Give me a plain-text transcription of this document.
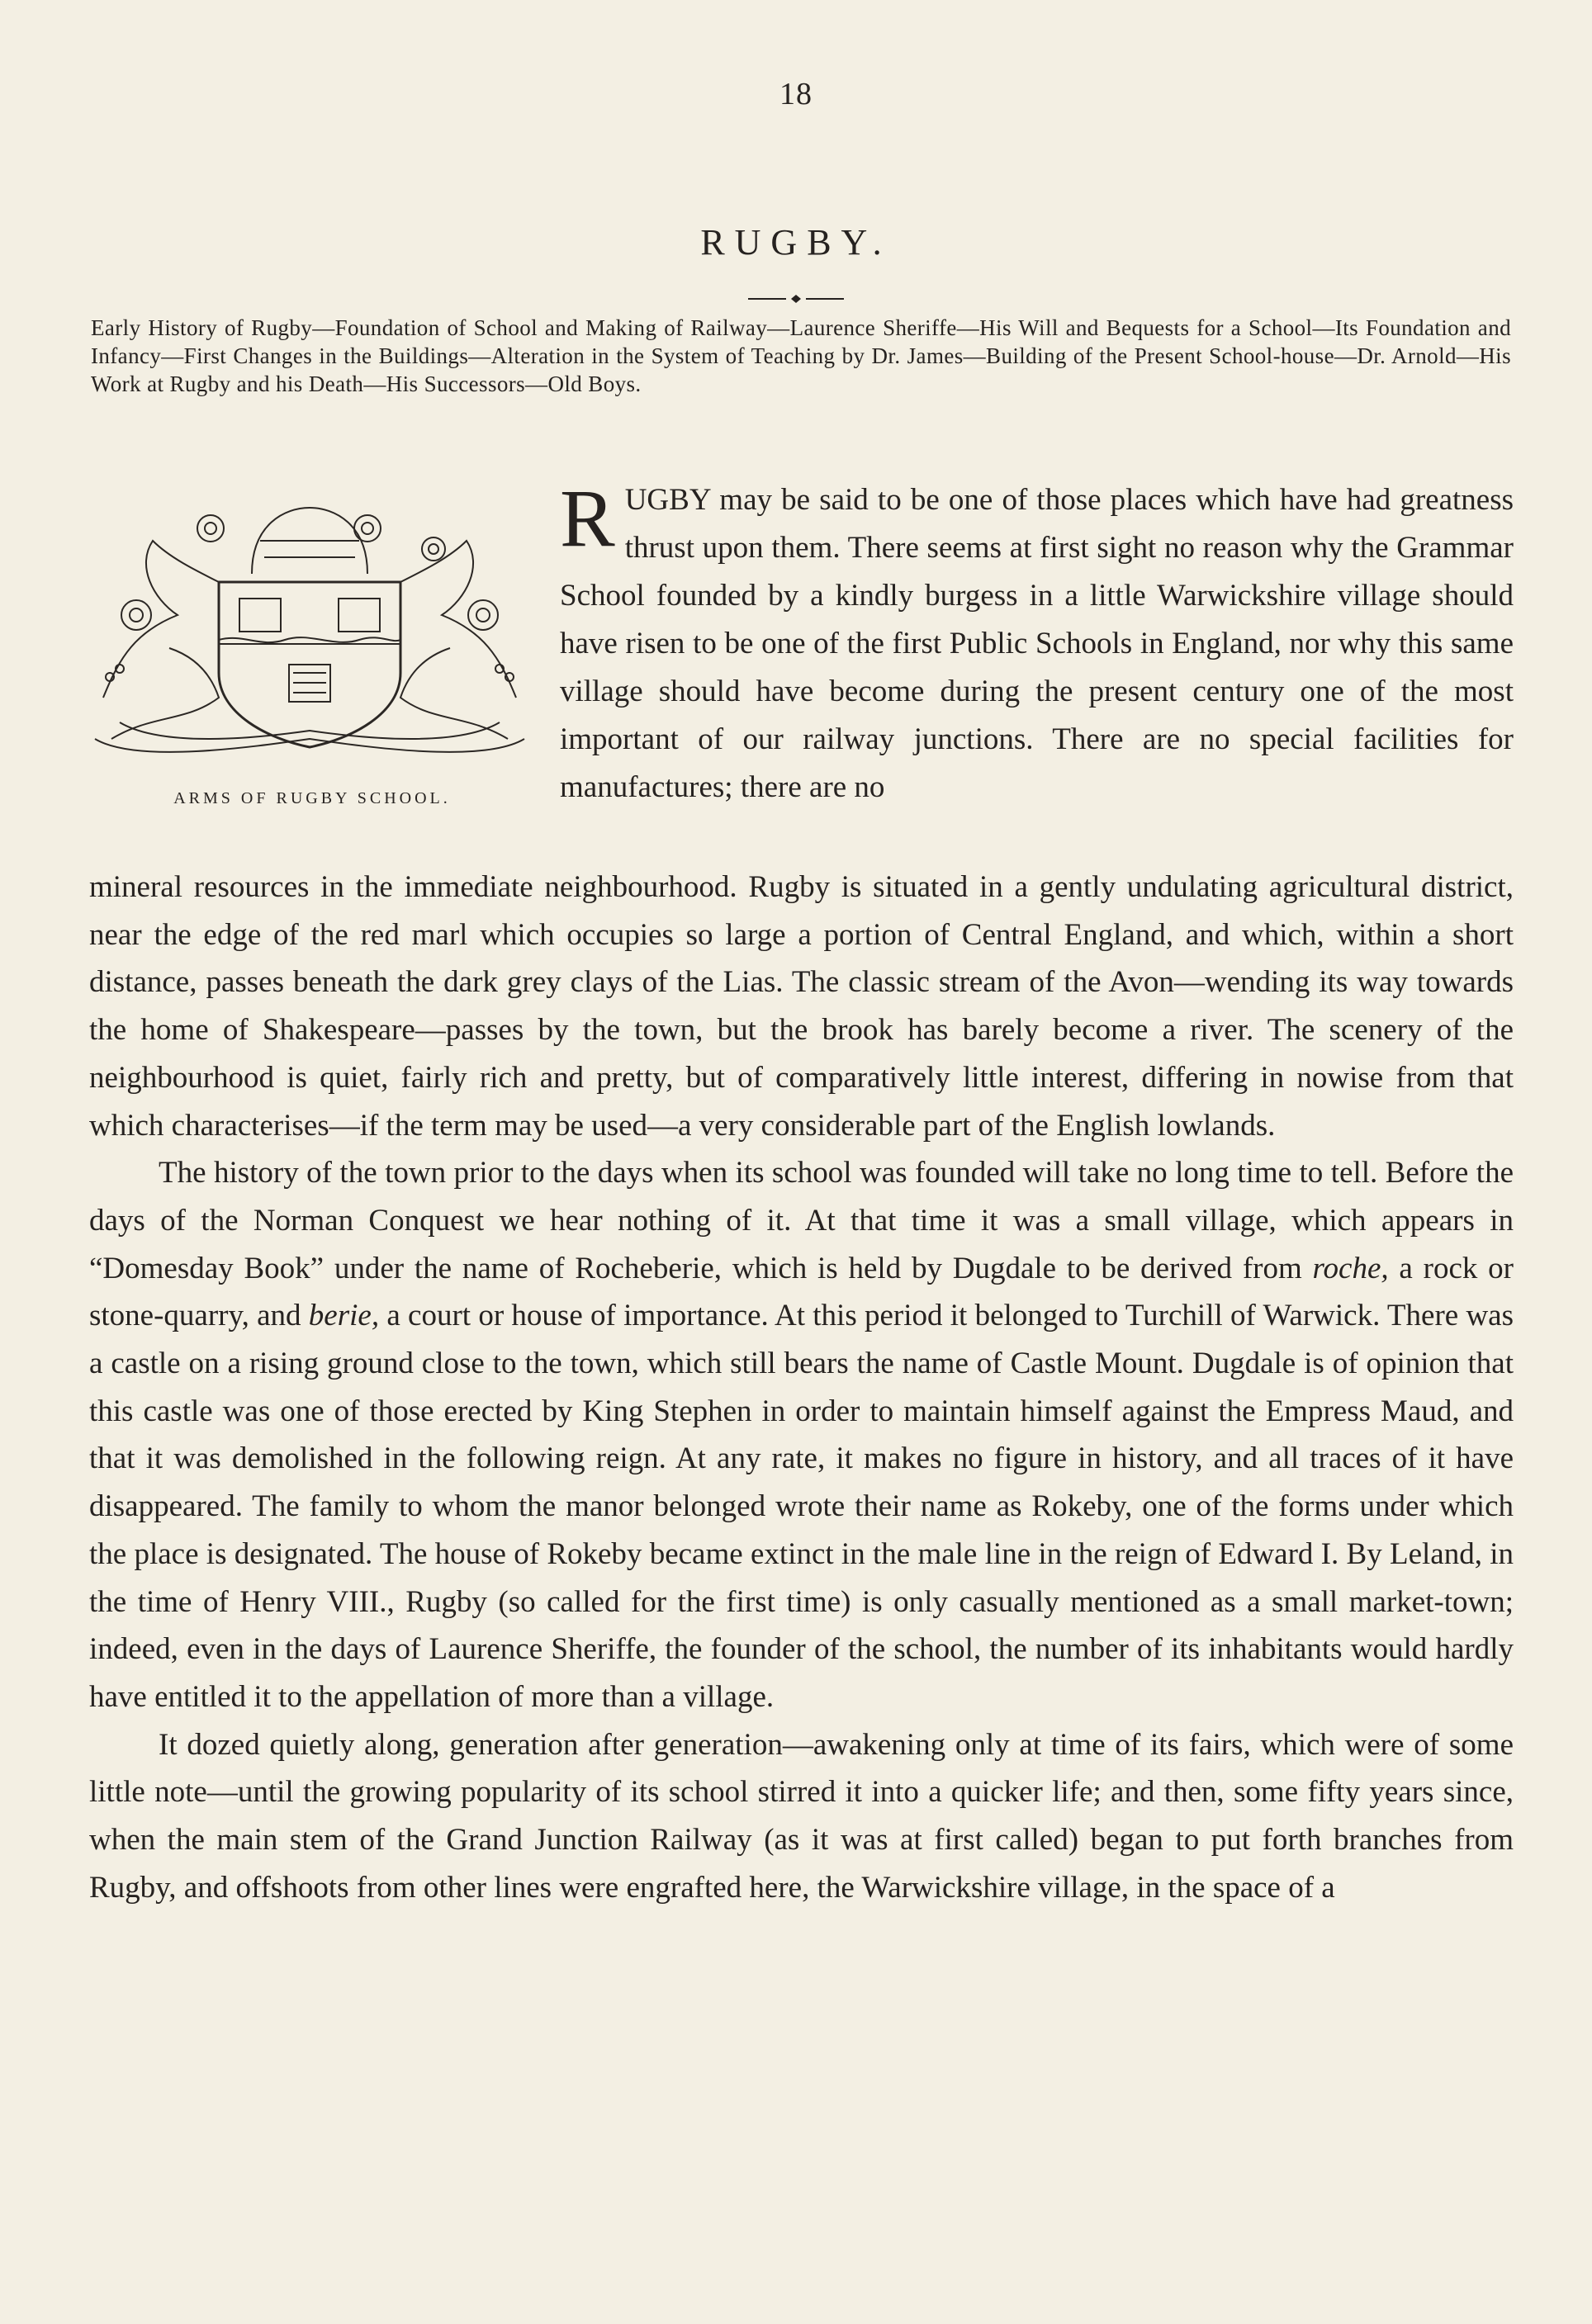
18
RUGBY.
Early History of Rugby—Foundation of School and Making of Railway—Laurence Sheriffe—His Will and Bequests for a School—Its Foundation and Infancy—First Changes in the Buildings—Alteration in the System of Teaching by Dr. James—Building of the Present School-house—Dr. Arnold—His Work at Rugby and his Death—His Successors—Old Boys.
ARMS OF RUGBY SCHOOL.
RUGBY may be said to be one of those places which have had greatness thrust upon them. There seems at first sight no reason why the Grammar School founded by a kindly burgess in a little Warwickshire village should have risen to be one of the first Public Schools in England, nor why this same village should have become during the present century one of the most important of our railway junctions. There are no special facilities for manufactures; there are no

mineral resources in the immediate neighbourhood. Rugby is situated in a gently undulating agricultural district, near the edge of the red marl which occupies so large a portion of Central England, and which, within a short distance, passes beneath the dark grey clays of the Lias. The classic stream of the Avon—wending its way towards the home of Shakespeare—passes by the town, but the brook has barely become a river. The scenery of the neighbourhood is quiet, fairly rich and pretty, but of comparatively little interest, differing in nowise from that which characterises—if the term may be used—a very considerable part of the English lowlands.

The history of the town prior to the days when its school was founded will take no long time to tell. Before the days of the Norman Conquest we hear nothing of it. At that time it was a small village, which appears in “Domesday Book” under the name of Rocheberie, which is held by Dugdale to be derived from roche, a rock or stone-quarry, and berie, a court or house of importance. At this period it belonged to Turchill of Warwick. There was a castle on a rising ground close to the town, which still bears the name of Castle Mount. Dugdale is of opinion that this castle was one of those erected by King Stephen in order to maintain himself against the Empress Maud, and that it was demolished in the following reign. At any rate, it makes no figure in history, and all traces of it have disappeared. The family to whom the manor belonged wrote their name as Rokeby, one of the forms under which the place is designated. The house of Rokeby became extinct in the male line in the reign of Edward I. By Leland, in the time of Henry VIII., Rugby (so called for the first time) is only casually mentioned as a small market-town; indeed, even in the days of Laurence Sheriffe, the founder of the school, the number of its inhabitants would hardly have entitled it to the appellation of more than a village.

It dozed quietly along, generation after generation—awakening only at time of its fairs, which were of some little note—until the growing popularity of its school stirred it into a quicker life; and then, some fifty years since, when the main stem of the Grand Junction Railway (as it was at first called) began to put forth branches from Rugby, and offshoots from other lines were engrafted here, the Warwickshire village, in the space of a
